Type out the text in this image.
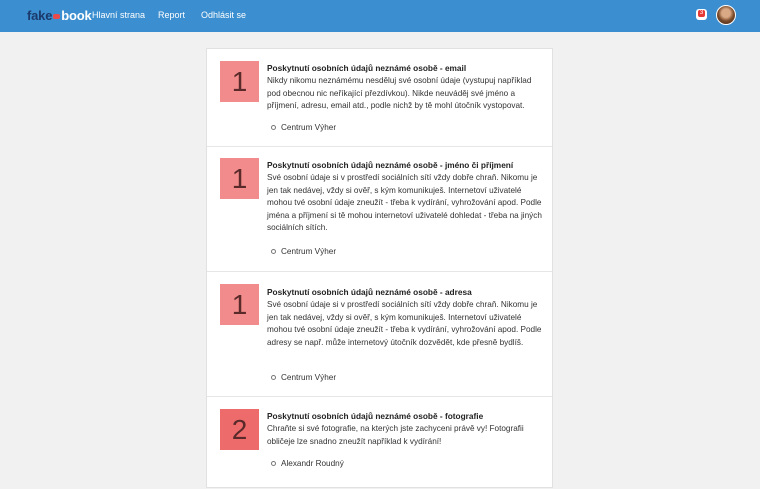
fake book Hlavní strana Report Odhlásit se	3
1	Poskytnutí osobních údajů neznámé osobě - email
Nikdy nikomu neznámému nesděluj své osobní údaje (vystupuj například pod obecnou nic neříkající přezdívkou). Nikde neuváděj své jméno a příjmení, adresu, email atd., podle nichž by tě mohl útočník vystopovat.
Centrum Výher
1	Poskytnutí osobních údajů neznámé osobě - jméno či příjmení
Své osobní údaje si v prostředí sociálních sítí vždy dobře chraň. Nikomu je jen tak nedávej, vždy si ověř, s kým komunikuješ. Internetoví uživatelé mohou tvé osobní údaje zneužít - třeba k vydírání, vyhrožování apod. Podle jména a příjmení si tě mohou internetoví uživatelé dohledat - třeba na jiných sociálních sítích.
Centrum Výher
1	Poskytnutí osobních údajů neznámé osobě - adresa
Své osobní údaje si v prostředí sociálních sítí vždy dobře chraň. Nikomu je jen tak nedávej, vždy si ověř, s kým komunikuješ. Internetoví uživatelé mohou tvé osobní údaje zneužít - třeba k vydírání, vyhrožování apod. Podle adresy se např. může internetový útočník dozvědět, kde přesně bydlíš.
Centrum Výher
2	Poskytnutí osobních údajů neznámé osobě - fotografie
Chraňte si své fotografie, na kterých jste zachyceni právě vy! Fotografii obličeje lze snadno zneužít například k vydírání!
Alexandr Roudný
